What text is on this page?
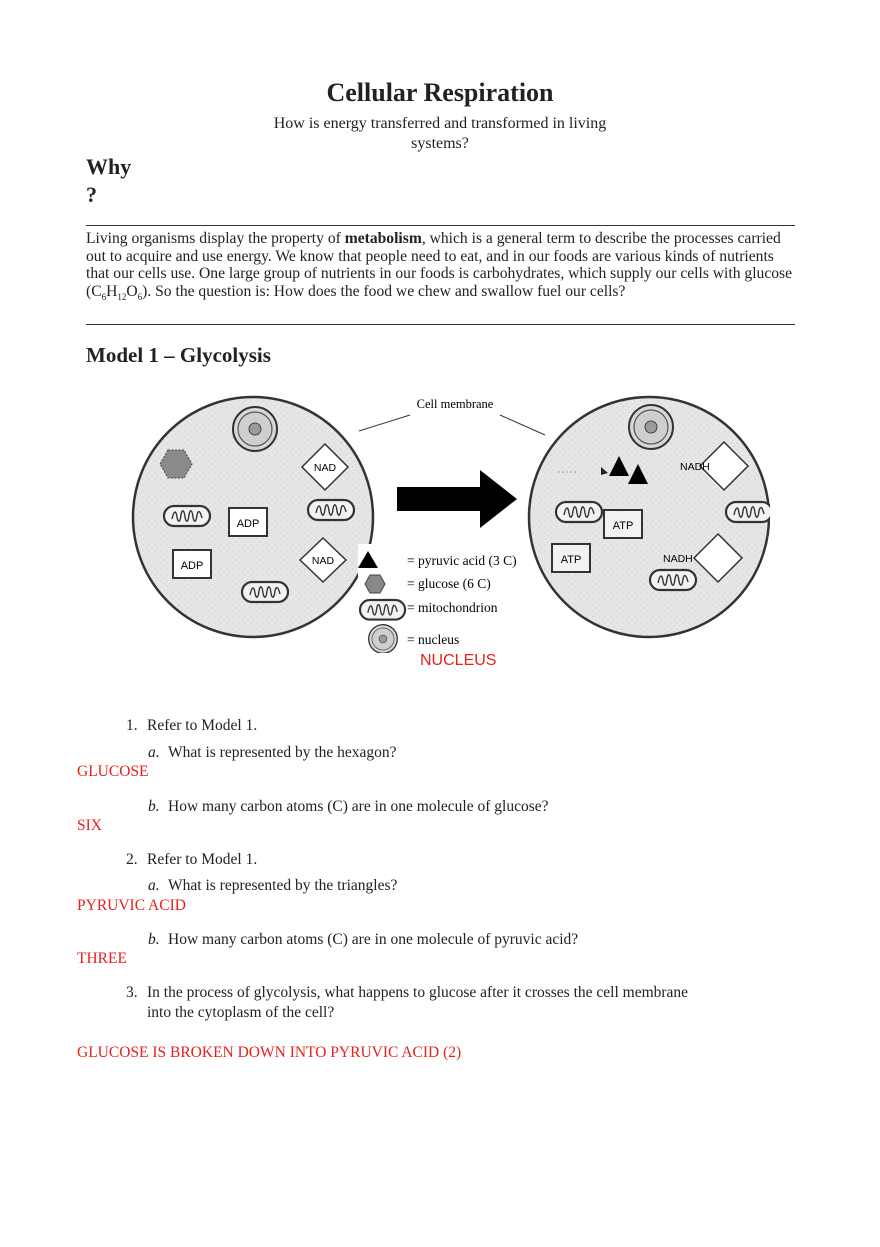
Cellular Respiration
How is energy transferred and transformed in living systems?
Why
?
Living organisms display the property of metabolism, which is a general term to describe the processes carried out to acquire and use energy. We know that people need to eat, and in our foods are various kinds of nutrients that our cells use. One large group of nutrients in our foods is carbohydrates, which supply our cells with glucose $(C_6H_{12}O_6)$. So the question is: How does the food we chew and swallow fuel our cells?
Model 1 – Glycolysis
ADP
ADP
NAD
NAD
Cell membrane
ATP
ATP
NADH
NADH
= pyruvic acid (3 C)
= glucose (6 C)
= mitochondrion
= nucleus
NUCLEUS
1. Refer to Model 1.
a. What is represented by the hexagon?
GLUCOSE
b. How many carbon atoms (C) are in one molecule of glucose?
SIX
2. Refer to Model 1.
a. What is represented by the triangles?
PYRUVIC ACID
b. How many carbon atoms (C) are in one molecule of pyruvic acid?
THREE
3. In the process of glycolysis, what happens to glucose after it crosses the cell membrane
into the cytoplasm of the cell?
GLUCOSE IS BROKEN DOWN INTO PYRUVIC ACID (2)
